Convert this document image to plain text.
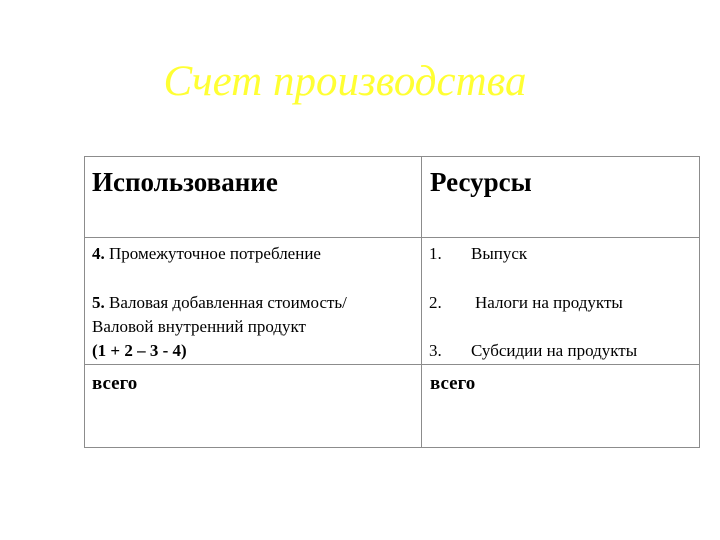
Счет производства
Использование	Ресурсы
4. Промежуточное потребление
5. Валовая добавленная стоимость/
Валовой внутренний продукт
(1 + 2 – 3 - 4)
1. Выпуск
2. Налоги на продукты
3. Субсидии на продукты
всего	всего
